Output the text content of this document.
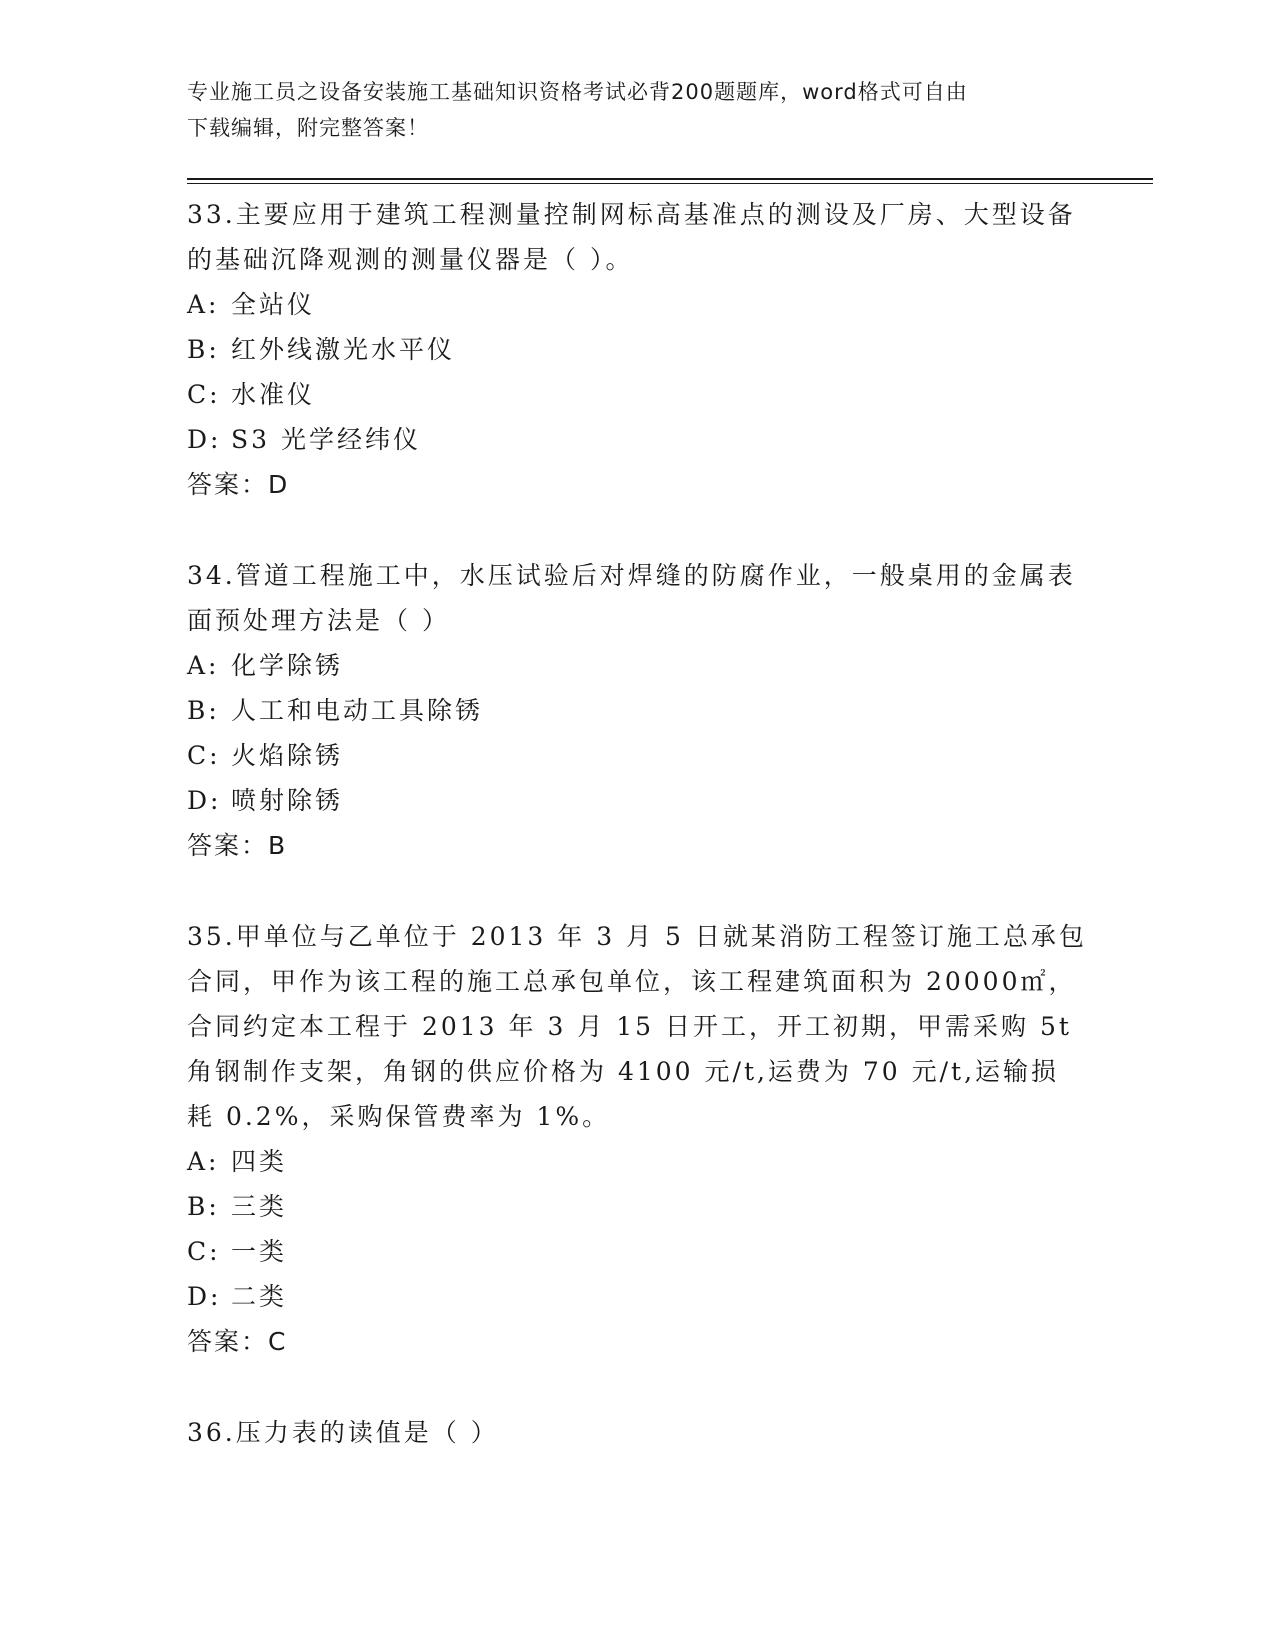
专业施工员之设备安装施工基础知识资格考试必背200题题库，word格式可自由
下载编辑，附完整答案！
33.主要应用于建筑工程测量控制网标高基准点的测设及厂房、大型设备的基础沉降观测的测量仪器是（ ）。
A: 全站仪
B: 红外线激光水平仪
C: 水准仪
D: S3 光学经纬仪
答案：D
34.管道工程施工中，水压试验后对焊缝的防腐作业，一般桌用的金属表面预处理方法是（ ）
A: 化学除锈
B: 人工和电动工具除锈
C: 火焰除锈
D: 喷射除锈
答案：B
35.甲单位与乙单位于 2013 年 3 月 5 日就某消防工程签订施工总承包合同，甲作为该工程的施工总承包单位，该工程建筑面积为 20000㎡，合同约定本工程于 2013 年 3 月 15 日开工，开工初期，甲需采购 5t 角钢制作支架，角钢的供应价格为 4100 元/t,运费为 70 元/t,运输损耗 0.2%，采购保管费率为 1%。
A: 四类
B: 三类
C: 一类
D: 二类
答案：C
36.压力表的读值是（ ）
